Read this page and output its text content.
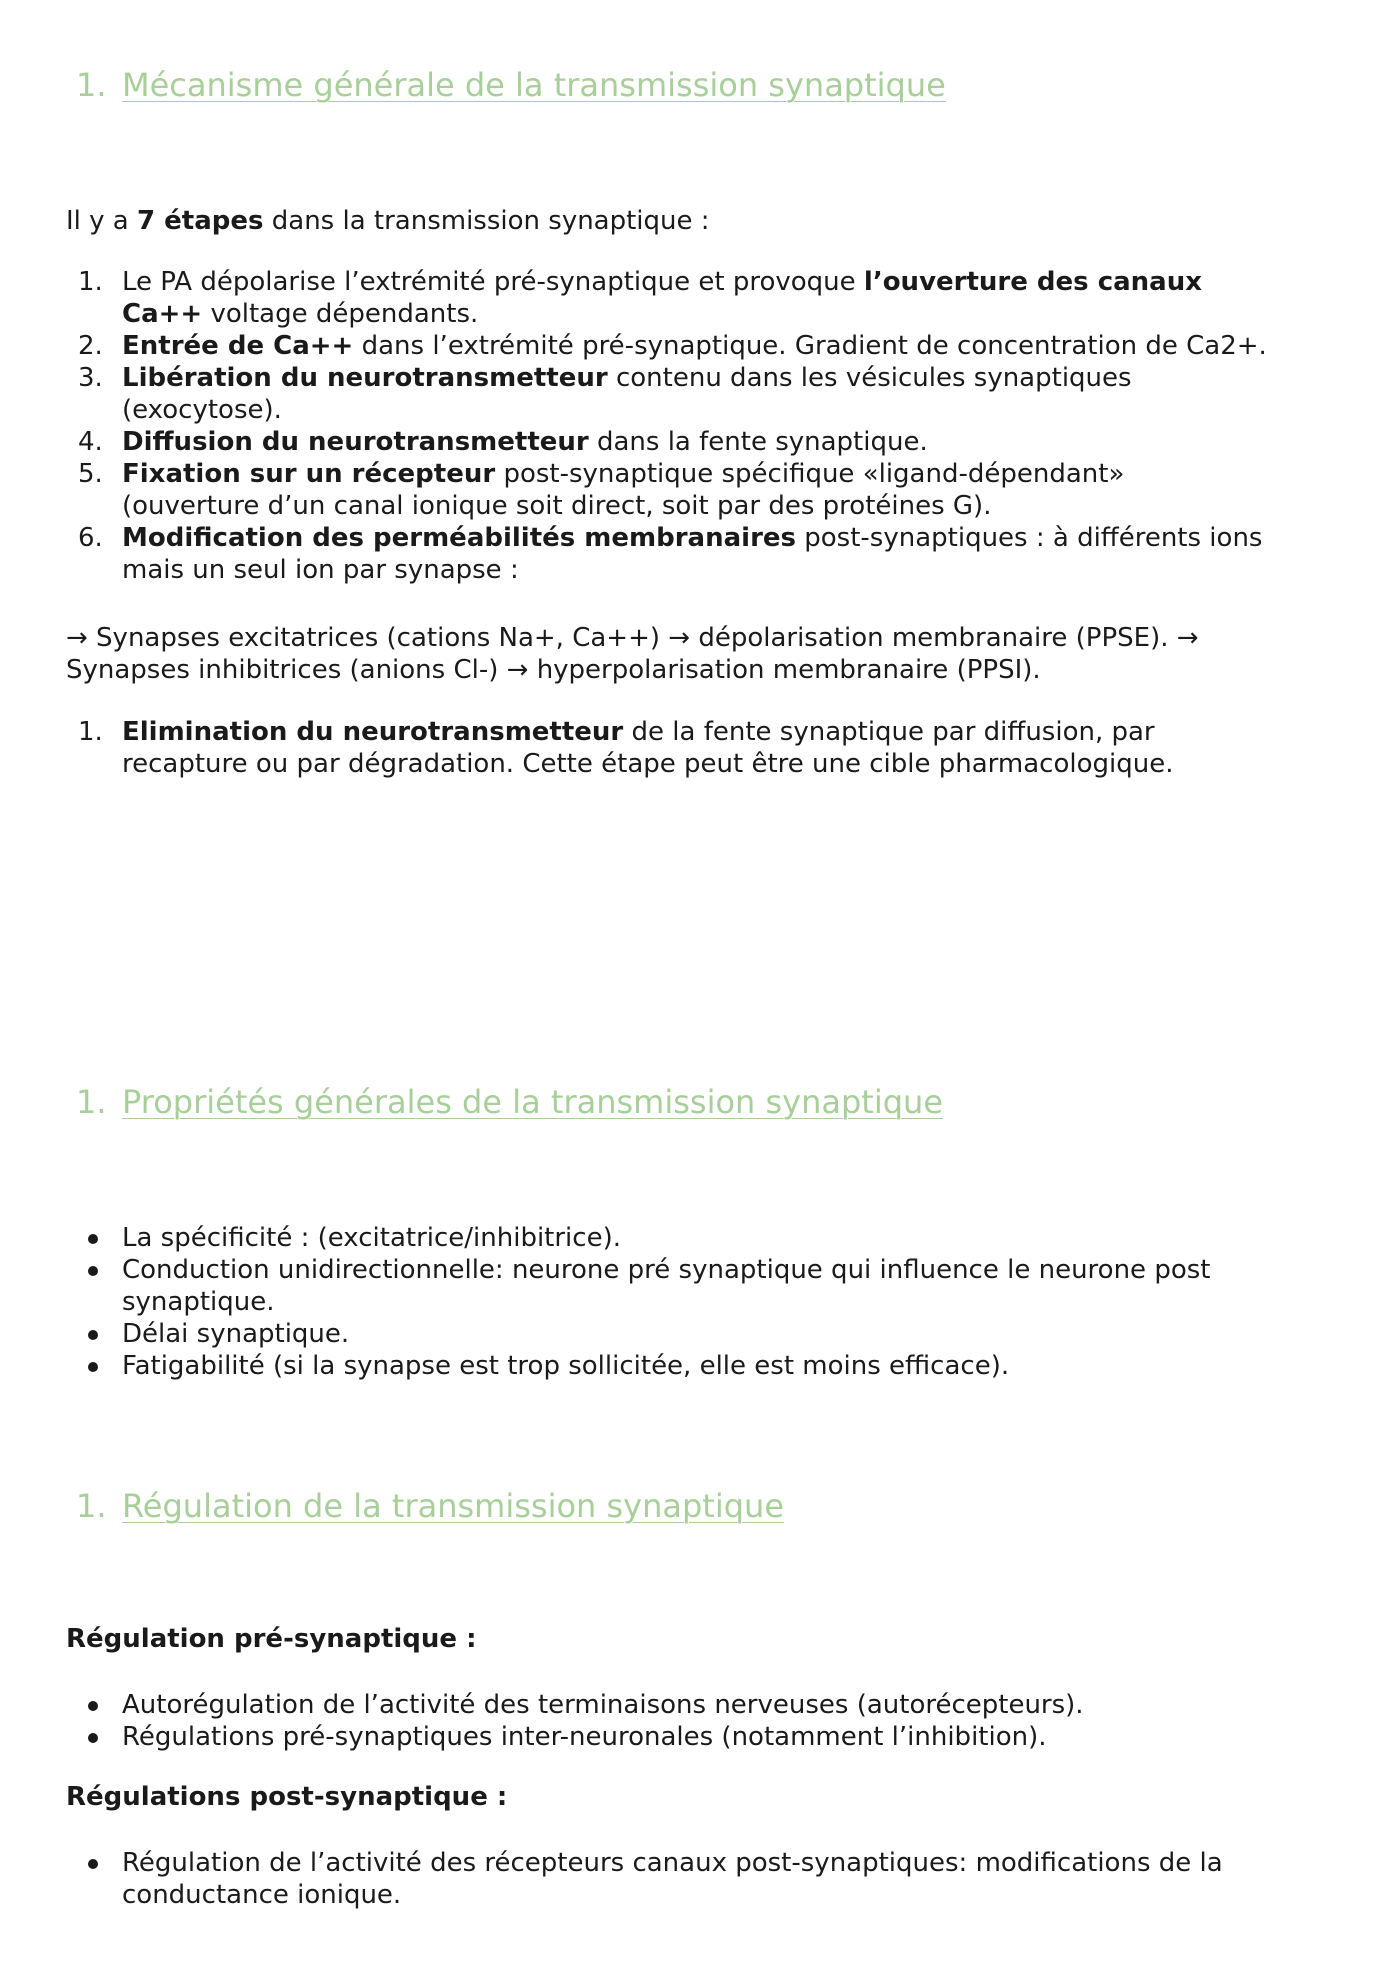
1. Mécanisme générale de la transmission synaptique

Il y a 7 étapes dans la transmission synaptique :

1. Le PA dépolarise l’extrémité pré-synaptique et provoque l’ouverture des canaux
Ca++ voltage dépendants.
2. Entrée de Ca++ dans l’extrémité pré-synaptique. Gradient de concentration de Ca2+.
3. Libération du neurotransmetteur contenu dans les vésicules synaptiques
(exocytose).
4. Diffusion du neurotransmetteur dans la fente synaptique.
5. Fixation sur un récepteur post-synaptique spécifique «ligand-dépendant»
(ouverture d’un canal ionique soit direct, soit par des protéines G).
6. Modification des perméabilités membranaires post-synaptiques : à différents ions
mais un seul ion par synapse :

→ Synapses excitatrices (cations Na+, Ca++) → dépolarisation membranaire (PPSE). →
Synapses inhibitrices (anions Cl-) → hyperpolarisation membranaire (PPSI).

1. Elimination du neurotransmetteur de la fente synaptique par diffusion, par
recapture ou par dégradation. Cette étape peut être une cible pharmacologique.
1. Propriétés générales de la transmission synaptique
La spécificité : (excitatrice/inhibitrice).
Conduction unidirectionnelle: neurone pré synaptique qui influence le neurone post
synaptique.
Délai synaptique.
Fatigabilité (si la synapse est trop sollicitée, elle est moins efficace).
1. Régulation de la transmission synaptique

Régulation pré-synaptique :

Autorégulation de l’activité des terminaisons nerveuses (autorécepteurs).
Régulations pré-synaptiques inter-neuronales (notamment l’inhibition).

Régulations post-synaptique :

Régulation de l’activité des récepteurs canaux post-synaptiques: modifications de la
conductance ionique.
